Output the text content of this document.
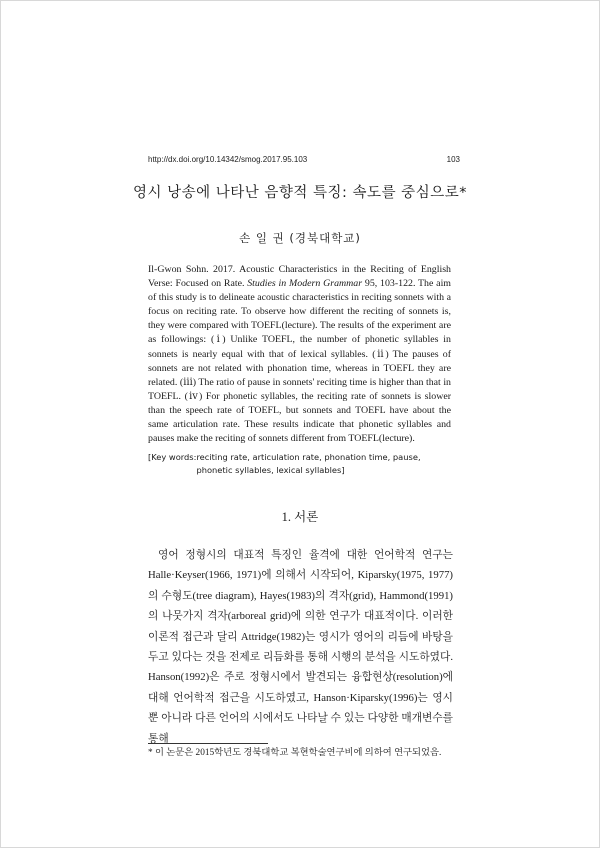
http://dx.doi.org/10.14342/smog.2017.95.103	103
영시 낭송에 나타난 음향적 특징: 속도를 중심으로*
손 일 권 (경북대학교)

Il-Gwon Sohn. 2017. Acoustic Characteristics in the Reciting of English Verse: Focused on Rate. Studies in Modern Grammar 95, 103-122. The aim of this study is to delineate acoustic characteristics in reciting sonnets with a focus on reciting rate. To observe how different the reciting of sonnets is, they were compared with TOEFL(lecture). The results of the experiment are as followings: (ⅰ) Unlike TOEFL, the number of phonetic syllables in sonnets is nearly equal with that of lexical syllables. (ⅱ) The pauses of sonnets are not related with phonation time, whereas in TOEFL they are related. (ⅲ) The ratio of pause in sonnets' reciting time is higher than that in TOEFL. (ⅳ) For phonetic syllables, the reciting rate of sonnets is slower than the speech rate of TOEFL, but sonnets and TOEFL have about the same articulation rate. These results indicate that phonetic syllables and pauses make the reciting of sonnets different from TOEFL(lecture).

[Key words: reciting rate, articulation rate, phonation time, pause, phonetic syllables, lexical syllables]
1. 서론

영어 정형시의 대표적 특징인 율격에 대한 언어학적 연구는 Halle·Keyser(1966, 1971)에 의해서 시작되어, Kiparsky(1975, 1977)의 수형도(tree diagram), Hayes(1983)의 격자(grid), Hammond(1991)의 나뭇가지 격자(arboreal grid)에 의한 연구가 대표적이다. 이러한 이론적 접근과 달리 Attridge(1982)는 영시가 영어의 리듬에 바탕을 두고 있다는 것을 전제로 리듬화를 통해 시행의 분석을 시도하였다. Hanson(1992)은 주로 정형시에서 발견되는 융합현상(resolution)에 대해 언어학적 접근을 시도하였고, Hanson·Kiparsky(1996)는 영시 뿐 아니라 다른 언어의 시에서도 나타날 수 있는 다양한 매개변수를 통해

* 이 논문은 2015학년도 경북대학교 복현학술연구비에 의하여 연구되었음.
